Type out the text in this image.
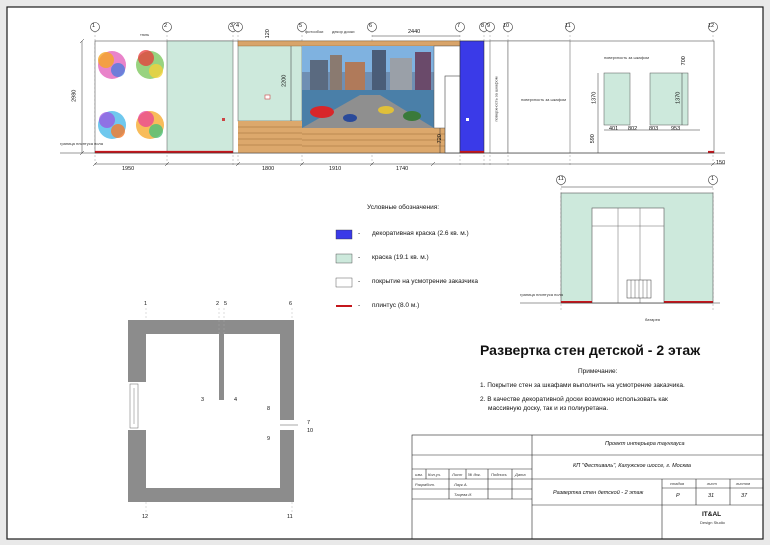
1	2	3 4	5	6	7	8 9 10	11	12
1950	1800	1910	1740
150
2980
2200
120	2440
720
1370	1370
700
590
401 802 803 953
тюль
фотообои декор доски
граница плинтуса пола
поверхность за шкафом	поверхность за шкафом
поверхность за шкафом
11	1
батарея
граница плинтуса пола
Условные обозначения:
- декоративная краска (2.6 кв. м.)
- краска (19.1 кв. м.)
- покрытие на усмотрение заказчика
- плинтус (8.0 м.)
Развертка стен детской - 2 этаж
Примечание:
1. Покрытие стен за шкафами выполнить на усмотрение заказчика.
2. В качестве декоративной доски возможно использовать как
массивную доску, так и из полиуретана.
1	2 5	6
3	4
8
7
10
9
12	11
Проект интерьера таунхауса
КП "Фестиваль", Калужское шоссе, г. Москва
Развертка стен детской - 2 этаж
изм. Кол.уч.	Лист № док.	Подпись Дата
Разработ.	Лаук А.
Тацева И.
стадия	лист	листов
Р	31	37
IT&AL
Design Studio
